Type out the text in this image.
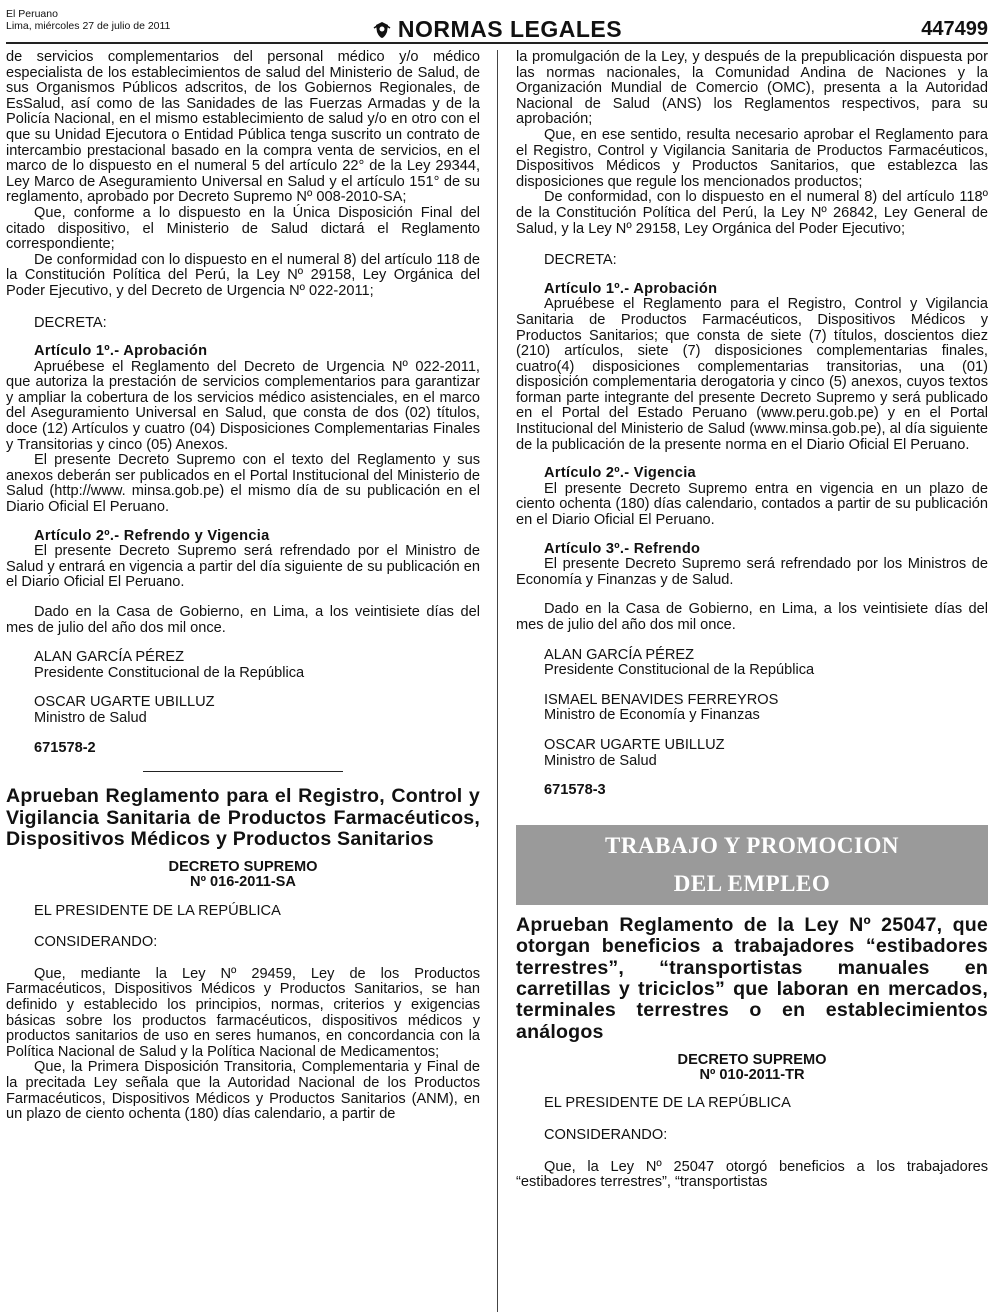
El Peruano
Lima, miércoles 27 de julio de 2011	NORMAS LEGALES	447499

de servicios complementarios del personal médico y/o médico especialista de los establecimientos de salud del Ministerio de Salud, de sus Organismos Públicos adscritos, de los Gobiernos Regionales, de EsSalud, así como de las Sanidades de las Fuerzas Armadas y de la Policía Nacional, en el mismo establecimiento de salud y/o en otro con el que su Unidad Ejecutora o Entidad Pública tenga suscrito un contrato de intercambio prestacional basado en la compra venta de servicios, en el marco de lo dispuesto en el numeral 5 del artículo 22° de la Ley 29344, Ley Marco de Aseguramiento Universal en Salud y el artículo 151° de su reglamento, aprobado por Decreto Supremo Nº 008-2010-SA;

Que, conforme a lo dispuesto en la Única Disposición Final del citado dispositivo, el Ministerio de Salud dictará el Reglamento correspondiente;

De conformidad con lo dispuesto en el numeral 8) del artículo 118 de la Constitución Política del Perú, la Ley Nº 29158, Ley Orgánica del Poder Ejecutivo, y del Decreto de Urgencia Nº 022-2011;

DECRETA:

Artículo 1º.- Aprobación

Apruébese el Reglamento del Decreto de Urgencia Nº 022-2011, que autoriza la prestación de servicios complementarios para garantizar y ampliar la cobertura de los servicios médico asistenciales, en el marco del Aseguramiento Universal en Salud, que consta de dos (02) títulos, doce (12) Artículos y cuatro (04) Disposiciones Complementarias Finales y Transitorias y cinco (05) Anexos.

El presente Decreto Supremo con el texto del Reglamento y sus anexos deberán ser publicados en el Portal Institucional del Ministerio de Salud (http://www. minsa.gob.pe) el mismo día de su publicación en el Diario Oficial El Peruano.

Artículo 2º.- Refrendo y Vigencia

El presente Decreto Supremo será refrendado por el Ministro de Salud y entrará en vigencia a partir del día siguiente de su publicación en el Diario Oficial El Peruano.

Dado en la Casa de Gobierno, en Lima, a los veintisiete días del mes de julio del año dos mil once.

ALAN GARCÍA PÉREZ
Presidente Constitucional de la República
OSCAR UGARTE UBILLUZ
Ministro de Salud
671578-2

Aprueban Reglamento para el Registro, Control y Vigilancia Sanitaria de Productos Farmacéuticos, Dispositivos Médicos y Productos Sanitarios

DECRETO SUPREMO
Nº 016-2011-SA

EL PRESIDENTE DE LA REPÚBLICA

CONSIDERANDO:

Que, mediante la Ley Nº 29459, Ley de los Productos Farmacéuticos, Dispositivos Médicos y Productos Sanitarios, se han definido y establecido los principios, normas, criterios y exigencias básicas sobre los productos farmacéuticos, dispositivos médicos y productos sanitarios de uso en seres humanos, en concordancia con la Política Nacional de Salud y la Política Nacional de Medicamentos;

Que, la Primera Disposición Transitoria, Complementaria y Final de la precitada Ley señala que la Autoridad Nacional de los Productos Farmacéuticos, Dispositivos Médicos y Productos Sanitarios (ANM), en un plazo de ciento ochenta (180) días calendario, a partir de

la promulgación de la Ley, y después de la prepublicación dispuesta por las normas nacionales, la Comunidad Andina de Naciones y la Organización Mundial de Comercio (OMC), presenta a la Autoridad Nacional de Salud (ANS) los Reglamentos respectivos, para su aprobación;

Que, en ese sentido, resulta necesario aprobar el Reglamento para el Registro, Control y Vigilancia Sanitaria de Productos Farmacéuticos, Dispositivos Médicos y Productos Sanitarios, que establezca las disposiciones que regule los mencionados productos;

De conformidad, con lo dispuesto en el numeral 8) del artículo 118º de la Constitución Política del Perú, la Ley Nº 26842, Ley General de Salud, y la Ley Nº 29158, Ley Orgánica del Poder Ejecutivo;

DECRETA:

Artículo 1º.- Aprobación

Apruébese el Reglamento para el Registro, Control y Vigilancia Sanitaria de Productos Farmacéuticos, Dispositivos Médicos y Productos Sanitarios; que consta de siete (7) títulos, doscientos diez (210) artículos, siete (7) disposiciones complementarias finales, cuatro(4) disposiciones complementarias transitorias, una (01) disposición complementaria derogatoria y cinco (5) anexos, cuyos textos forman parte integrante del presente Decreto Supremo y será publicado en el Portal del Estado Peruano (www.peru.gob.pe) y en el Portal Institucional del Ministerio de Salud (www.minsa.gob.pe), al día siguiente de la publicación de la presente norma en el Diario Oficial El Peruano.

Artículo 2º.- Vigencia

El presente Decreto Supremo entra en vigencia en un plazo de ciento ochenta (180) días calendario, contados a partir de su publicación en el Diario Oficial El Peruano.

Artículo 3º.- Refrendo

El presente Decreto Supremo será refrendado por los Ministros de Economía y Finanzas y de Salud.

Dado en la Casa de Gobierno, en Lima, a los veintisiete días del mes de julio del año dos mil once.

ALAN GARCÍA PÉREZ
Presidente Constitucional de la República
ISMAEL BENAVIDES FERREYROS
Ministro de Economía y Finanzas
OSCAR UGARTE UBILLUZ
Ministro de Salud
671578-3
TRABAJO Y PROMOCION
DEL EMPLEO

Aprueban Reglamento de la Ley Nº 25047, que otorgan beneficios a trabajadores “estibadores terrestres”, “transportistas manuales en carretillas y triciclos” que laboran en mercados, terminales terrestres o en establecimientos análogos

DECRETO SUPREMO
Nº 010-2011-TR

EL PRESIDENTE DE LA REPÚBLICA

CONSIDERANDO:

Que, la Ley Nº 25047 otorgó beneficios a los trabajadores “estibadores terrestres”, “transportistas
